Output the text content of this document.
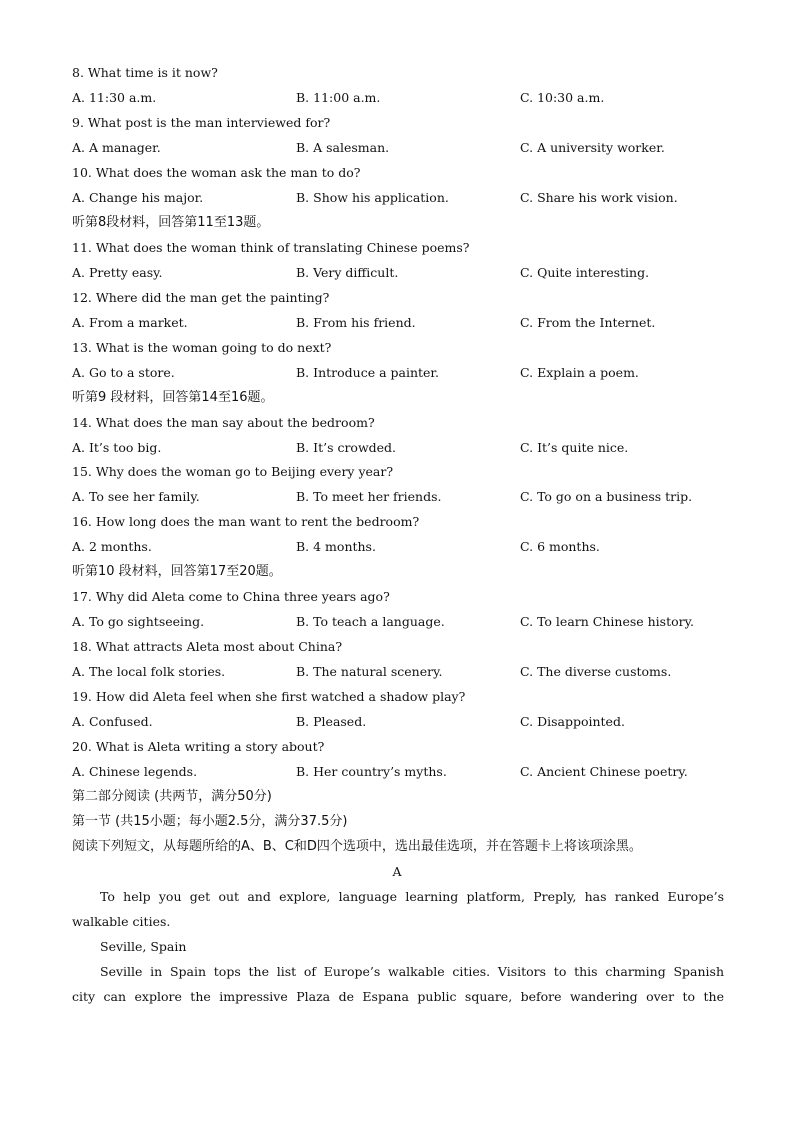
8. What time is it now?
A. 11:30 a.m.	B. 11:00 a.m.	C. 10:30 a.m.
9. What post is the man interviewed for?
A. A manager.	B. A salesman.	C. A university worker.
10. What does the woman ask the man to do?
A. Change his major.	B. Show his application.	C. Share his work vision.
听第8段材料，回答第11至13题。
11. What does the woman think of translating Chinese poems?
A. Pretty easy.	B. Very difficult.	C. Quite interesting.
12. Where did the man get the painting?
A. From a market.	B. From his friend.	C. From the Internet.
13. What is the woman going to do next?
A. Go to a store.	B. Introduce a painter.	C. Explain a poem.
听第9 段材料，回答第14至16题。
14. What does the man say about the bedroom?
A. It’s too big.	B. It’s crowded.	C. It’s quite nice.
15. Why does the woman go to Beijing every year?
A. To see her family.	B. To meet her friends.	C. To go on a business trip.
16. How long does the man want to rent the bedroom?
A. 2 months.	B. 4 months.	C. 6 months.
听第10 段材料，回答第17至20题。
17. Why did Aleta come to China three years ago?
A. To go sightseeing.	B. To teach a language.	C. To learn Chinese history.
18. What attracts Aleta most about China?
A. The local folk stories.	B. The natural scenery.	C. The diverse customs.
19. How did Aleta feel when she first watched a shadow play?
A. Confused.	B. Pleased.	C. Disappointed.
20. What is Aleta writing a story about?
A. Chinese legends.	B. Her country’s myths.	C. Ancient Chinese poetry.
第二部分阅读 (共两节，满分50分)
第一节 (共15小题；每小题2.5分，满分37.5分)
阅读下列短文，从每题所给的A、B、C和D四个选项中，选出最佳选项，并在答题卡上将该项涂黑。
A
To help you get out and explore, language learning platform, Preply, has ranked Europe’s
walkable cities.
Seville, Spain
Seville in Spain tops the list of Europe’s walkable cities. Visitors to this charming Spanish
city can explore the impressive Plaza de Espana public square, before wandering over to the
